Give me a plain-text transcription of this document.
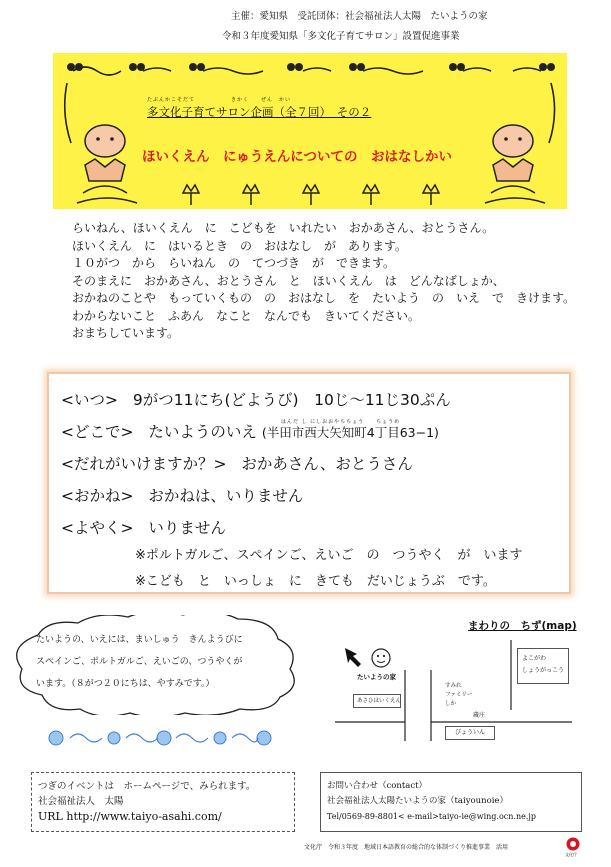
主催：愛知県　受託団体：社会福祉法人太陽　たいようの家
令和３年度愛知県「多文化子育てサロン」設置促進事業
たぶんかこそだて　　　　　　きかく　　ぜん　かい
多文化子育てサロン企画（全７回）　その２
ほいくえん　にゅうえんについての　おはなしかい
らいねん、ほいくえん　に　こどもを　いれたい　おかあさん、おとうさん。
ほいくえん　に　はいるとき　の　おはなし　が　あります。
１０がつ　から　らいねん　の　てつづき　が　できます。
そのまえに　おかあさん、おとうさん　と　ほいくえん　は　どんなばしょか、
おかねのことや　もっていくもの　の　おはなし　を　たいよう　の　いえ　で　きけます。
わからないこと　ふあん　なこと　なんでも　きいてください。
おまちしています。
<いつ> 9がつ11にち(どようび)　10じ～11じ30ぷん
はんだ し にしおおやちちょう　　ちょうめ
<どこで> たいようのいえ (半田市西大矢知町4丁目63−1)
<だれがいけますか？> おかあさん、おとうさん
<おかね> おかねは、いりません
<よやく> いりません
※ポルトガルご、スペインご、えいご　の　つうやく　が　います
※こども　と　いっしょ　に　きても　だいじょうぶ　です。
たいようの、いえには、まいしゅう　きんようびに
スペインご、ポルトガルご、えいごの、つうやくが
います。（８がつ２０にちは、やすみです。）
まわりの　ちず(map)
たいようの家
あさひはいくえん
すみれ
ファミリー
しか
よこがわ
しょうがっこう
蔵庄
びょういん
つぎのイベントは　ホームページで、みられます。
社会福祉法人　太陽
URL http://www.taiyo-asahi.com/
お問い合わせ（contact）
社会福祉法人太陽たいようの家（taiyounoie）
Tel/0569-89-8801< e-mail>taiyo-ie@wing.ocn.ne.jp
文化庁　令和３年度　地域日本語教育の総合的な体制づくり推進事業　活用
文化庁
